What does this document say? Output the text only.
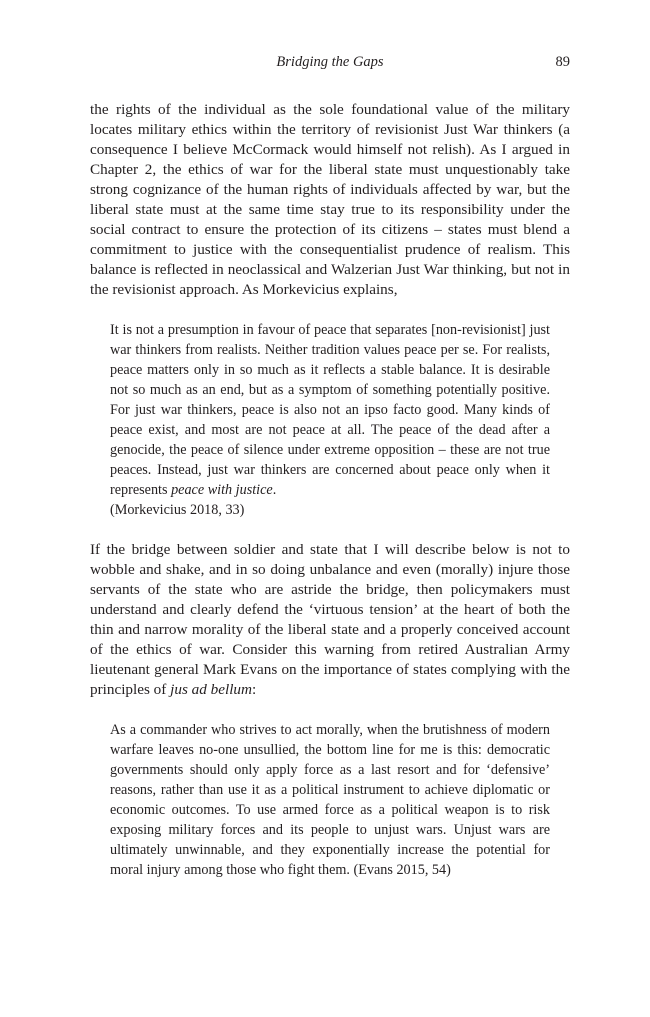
Bridging the Gaps	89

the rights of the individual as the sole foundational value of the military locates military ethics within the territory of revisionist Just War thinkers (a consequence I believe McCormack would himself not relish). As I argued in Chapter 2, the ethics of war for the liberal state must unquestionably take strong cognizance of the human rights of individuals affected by war, but the liberal state must at the same time stay true to its responsibility under the social contract to ensure the protection of its citizens – states must blend a commitment to justice with the consequentialist prudence of realism. This balance is reflected in neoclassical and Walzerian Just War thinking, but not in the revisionist approach. As Morkevicius explains,

It is not a presumption in favour of peace that separates [non-revisionist] just war thinkers from realists. Neither tradition values peace per se. For realists, peace matters only in so much as it reflects a stable balance. It is desirable not so much as an end, but as a symptom of something potentially positive. For just war thinkers, peace is also not an ipso facto good. Many kinds of peace exist, and most are not peace at all. The peace of the dead after a genocide, the peace of silence under extreme opposition – these are not true peaces. Instead, just war thinkers are concerned about peace only when it represents peace with justice.
(Morkevicius 2018, 33)

If the bridge between soldier and state that I will describe below is not to wobble and shake, and in so doing unbalance and even (morally) injure those servants of the state who are astride the bridge, then policymakers must understand and clearly defend the ‘virtuous tension’ at the heart of both the thin and narrow morality of the liberal state and a properly conceived account of the ethics of war. Consider this warning from retired Australian Army lieutenant general Mark Evans on the importance of states complying with the principles of jus ad bellum:

As a commander who strives to act morally, when the brutishness of modern warfare leaves no-one unsullied, the bottom line for me is this: democratic governments should only apply force as a last resort and for ‘defensive’ reasons, rather than use it as a political instrument to achieve diplomatic or economic outcomes. To use armed force as a political weapon is to risk exposing military forces and its people to unjust wars. Unjust wars are ultimately unwinnable, and they exponentially increase the potential for moral injury among those who fight them. (Evans 2015, 54)
